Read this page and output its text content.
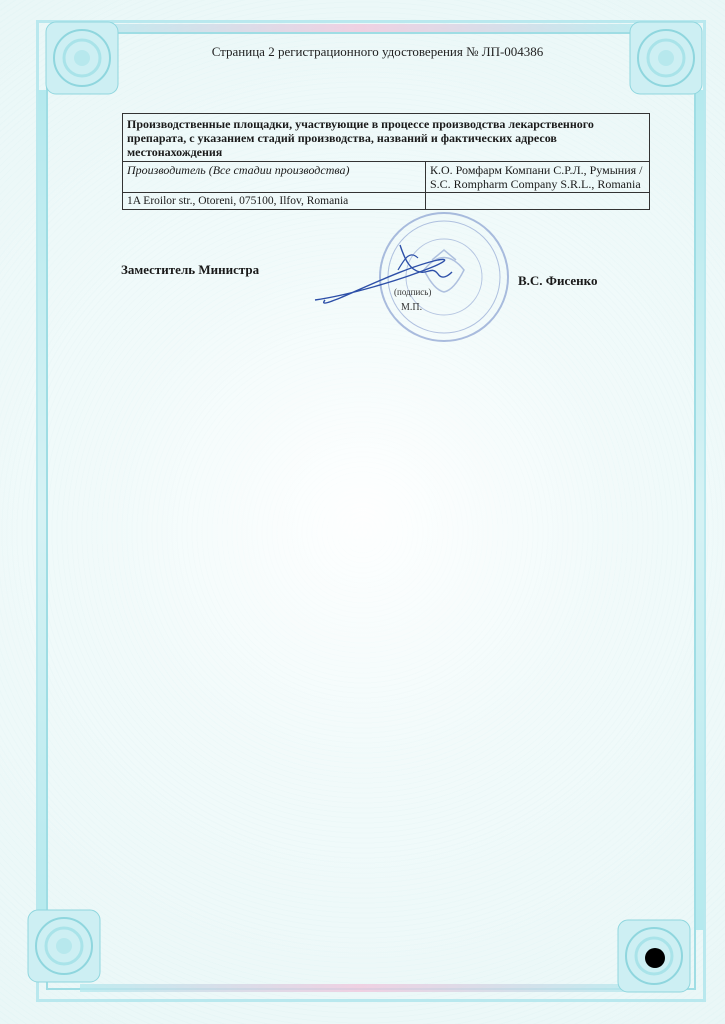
Страница 2 регистрационного удостоверения № ЛП-004386
Производственные площадки, участвующие в процессе производства лекарственного препарата, с указанием стадий производства, названий и фактических адресов местонахождения	
Производитель (Все стадии производства)	К.О. Ромфарм Компани С.Р.Л., Румыния / S.C. Rompharm Company S.R.L., Romania
1A Eroilor str., Otoreni, 075100, Ilfov, Romania	
Заместитель Министра
(подпись)
М.П.
В.С. Фисенко
